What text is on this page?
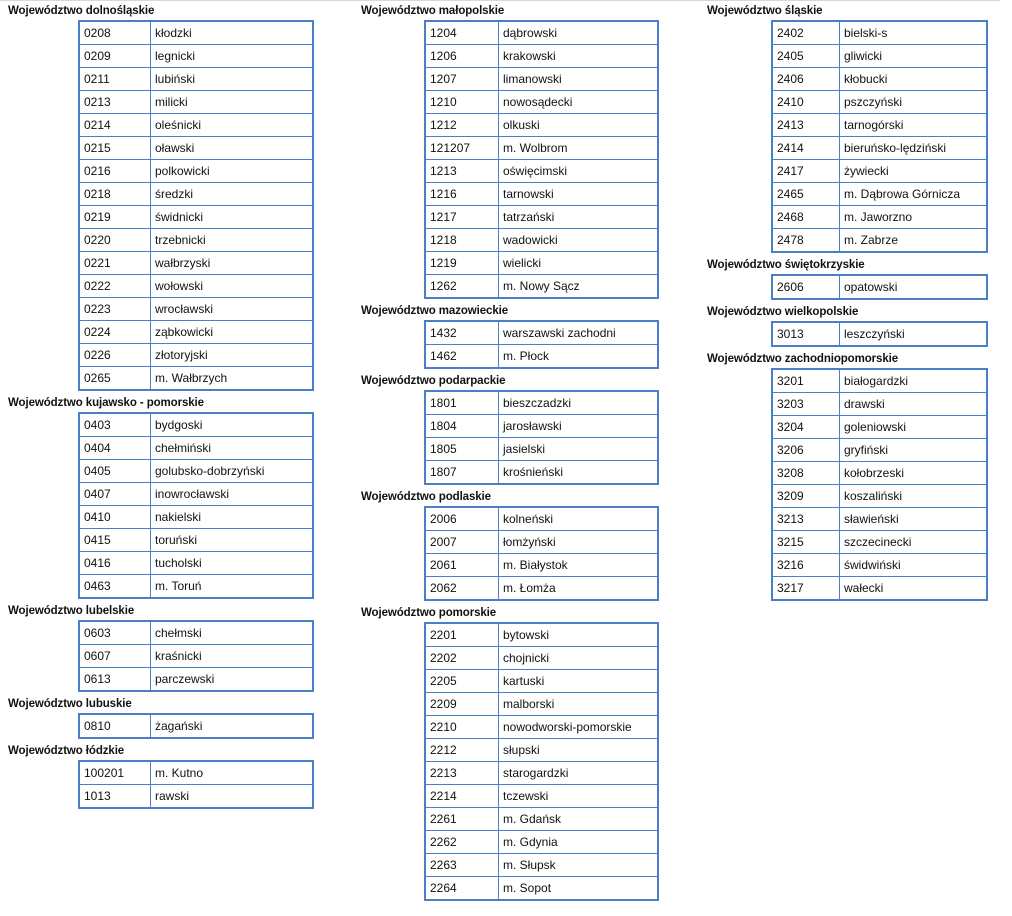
Województwo dolnośląskie
0208	kłodzki
0209	legnicki
0211	lubiński
0213	milicki
0214	oleśnicki
0215	oławski
0216	polkowicki
0218	średzki
0219	świdnicki
0220	trzebnicki
0221	wałbrzyski
0222	wołowski
0223	wrocławski
0224	ząbkowicki
0226	złotoryjski
0265	m. Wałbrzych
Województwo kujawsko - pomorskie
0403	bydgoski
0404	chełmiński
0405	golubsko-dobrzyński
0407	inowrocławski
0410	nakielski
0415	toruński
0416	tucholski
0463	m. Toruń
Województwo lubelskie
0603	chełmski
0607	kraśnicki
0613	parczewski
Województwo lubuskie
0810	żagański
Województwo łódzkie
100201	m. Kutno
1013	rawski
Województwo małopolskie
1204	dąbrowski
1206	krakowski
1207	limanowski
1210	nowosądecki
1212	olkuski
121207	m. Wolbrom
1213	oświęcimski
1216	tarnowski
1217	tatrzański
1218	wadowicki
1219	wielicki
1262	m. Nowy Sącz
Województwo mazowieckie
1432	warszawski zachodni
1462	m. Płock
Województwo podarpackie
1801	bieszczadzki
1804	jarosławski
1805	jasielski
1807	krośnieński
Województwo podlaskie
2006	kolneński
2007	łomżyński
2061	m. Białystok
2062	m. Łomża
Województwo pomorskie
2201	bytowski
2202	chojnicki
2205	kartuski
2209	malborski
2210	nowodworski-pomorskie
2212	słupski
2213	starogardzki
2214	tczewski
2261	m. Gdańsk
2262	m. Gdynia
2263	m. Słupsk
2264	m. Sopot
Województwo śląskie
2402	bielski-s
2405	gliwicki
2406	kłobucki
2410	pszczyński
2413	tarnogórski
2414	bieruńsko-lędziński
2417	żywiecki
2465	m. Dąbrowa Górnicza
2468	m. Jaworzno
2478	m. Zabrze
Województwo świętokrzyskie
2606	opatowski
Województwo wielkopolskie
3013	leszczyński
Województwo zachodniopomorskie
3201	białogardzki
3203	drawski
3204	goleniowski
3206	gryfiński
3208	kołobrzeski
3209	koszaliński
3213	sławieński
3215	szczecinecki
3216	świdwiński
3217	wałecki
